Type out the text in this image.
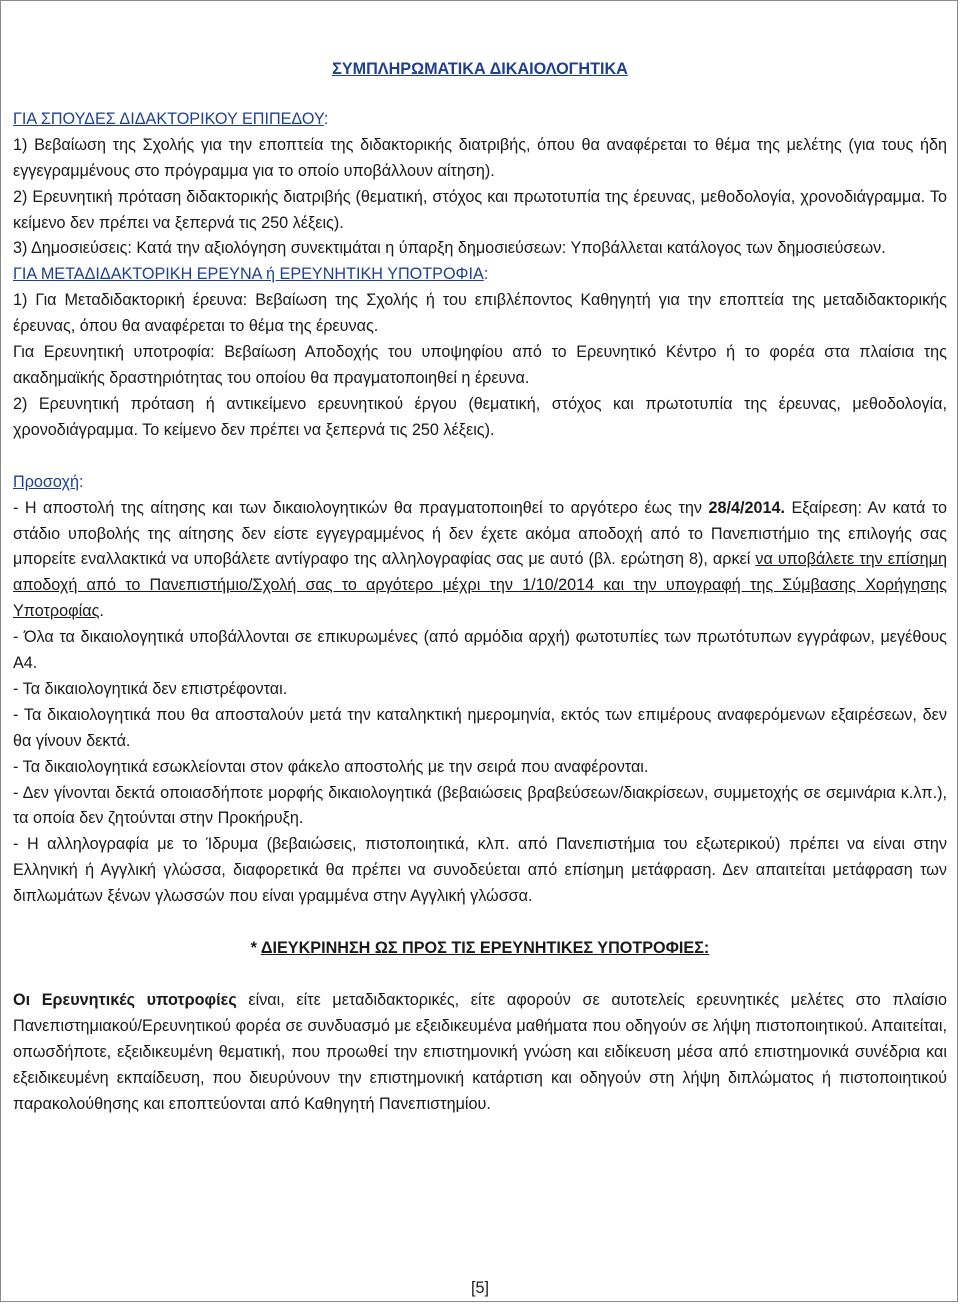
ΣΥΜΠΛΗΡΩΜΑΤΙΚΑ ΔΙΚΑΙΟΛΟΓΗΤΙΚΑ

ΓΙΑ ΣΠΟΥΔΕΣ ΔΙΔΑΚΤΟΡΙΚΟΥ ΕΠΙΠΕΔΟΥ:

1) Βεβαίωση της Σχολής για την εποπτεία της διδακτορικής διατριβής, όπου θα αναφέρεται το θέμα της μελέτης (για τους ήδη εγγεγραμμένους στο πρόγραμμα για το οποίο υποβάλλουν αίτηση).

2) Ερευνητική πρόταση διδακτορικής διατριβής (θεματική, στόχος και πρωτοτυπία της έρευνας, μεθοδολογία, χρονοδιάγραμμα. Το κείμενο δεν πρέπει να ξεπερνά τις 250 λέξεις).

3) Δημοσιεύσεις: Κατά την αξιολόγηση συνεκτιμάται η ύπαρξη δημοσιεύσεων: Υποβάλλεται κατάλογος των δημοσιεύσεων.

ΓΙΑ ΜΕΤΑΔΙΔΑΚΤΟΡΙΚΗ ΕΡΕΥΝΑ ή ΕΡΕΥΝΗΤΙΚΗ ΥΠΟΤΡΟΦΙΑ:

1) Για Μεταδιδακτορική έρευνα: Βεβαίωση της Σχολής ή του επιβλέποντος Καθηγητή για την εποπτεία της μεταδιδακτορικής έρευνας, όπου θα αναφέρεται το θέμα της έρευνας.

Για Ερευνητική υποτροφία: Βεβαίωση Αποδοχής του υποψηφίου από το Ερευνητικό Κέντρο ή το φορέα στα πλαίσια της ακαδημαϊκής δραστηριότητας του οποίου θα πραγματοποιηθεί η έρευνα.

2) Ερευνητική πρόταση ή αντικείμενο ερευνητικού έργου (θεματική, στόχος και πρωτοτυπία της έρευνας, μεθοδολογία, χρονοδιάγραμμα. Το κείμενο δεν πρέπει να ξεπερνά τις 250 λέξεις).

Προσοχή:

- Η αποστολή της αίτησης και των δικαιολογητικών θα πραγματοποιηθεί το αργότερο έως την 28/4/2014. Εξαίρεση: Αν κατά το στάδιο υποβολής της αίτησης δεν είστε εγγεγραμμένος ή δεν έχετε ακόμα αποδοχή από το Πανεπιστήμιο της επιλογής σας μπορείτε εναλλακτικά να υποβάλετε αντίγραφο της αλληλογραφίας σας με αυτό (βλ. ερώτηση 8), αρκεί να υποβάλετε την επίσημη αποδοχή από το Πανεπιστήμιο/Σχολή σας το αργότερο μέχρι την 1/10/2014 και την υπογραφή της Σύμβασης Χορήγησης Υποτροφίας.

- Όλα τα δικαιολογητικά υποβάλλονται σε επικυρωμένες (από αρμόδια αρχή) φωτοτυπίες των πρωτότυπων εγγράφων, μεγέθους Α4.

- Τα δικαιολογητικά δεν επιστρέφονται.

- Τα δικαιολογητικά που θα αποσταλούν μετά την καταληκτική ημερομηνία, εκτός των επιμέρους αναφερόμενων εξαιρέσεων, δεν θα γίνουν δεκτά.

- Τα δικαιολογητικά εσωκλείονται στον φάκελο αποστολής με την σειρά που αναφέρονται.

- Δεν γίνονται δεκτά οποιασδήποτε μορφής δικαιολογητικά (βεβαιώσεις βραβεύσεων/διακρίσεων, συμμετοχής σε σεμινάρια κ.λπ.), τα οποία δεν ζητούνται στην Προκήρυξη.

- Η αλληλογραφία με το Ίδρυμα (βεβαιώσεις, πιστοποιητικά, κλπ. από Πανεπιστήμια του εξωτερικού) πρέπει να είναι στην Ελληνική ή Αγγλική γλώσσα, διαφορετικά θα πρέπει να συνοδεύεται από επίσημη μετάφραση. Δεν απαιτείται μετάφραση των διπλωμάτων ξένων γλωσσών που είναι γραμμένα στην Αγγλική γλώσσα.

* ΔΙΕΥΚΡΙΝΗΣΗ ΩΣ ΠΡΟΣ ΤΙΣ ΕΡΕΥΝΗΤΙΚΕΣ ΥΠΟΤΡΟΦΙΕΣ:

Οι Ερευνητικές υποτροφίες είναι, είτε μεταδιδακτορικές, είτε αφορούν σε αυτοτελείς ερευνητικές μελέτες στο πλαίσιο Πανεπιστημιακού/Ερευνητικού φορέα σε συνδυασμό με εξειδικευμένα μαθήματα που οδηγούν σε λήψη πιστοποιητικού. Απαιτείται, οπωσδήποτε, εξειδικευμένη θεματική, που προωθεί την επιστημονική γνώση και ειδίκευση μέσα από επιστημονικά συνέδρια και εξειδικευμένη εκπαίδευση, που διευρύνουν την επιστημονική κατάρτιση και οδηγούν στη λήψη διπλώματος ή πιστοποιητικού παρακολούθησης και εποπτεύονται από Καθηγητή Πανεπιστημίου.

[5]
